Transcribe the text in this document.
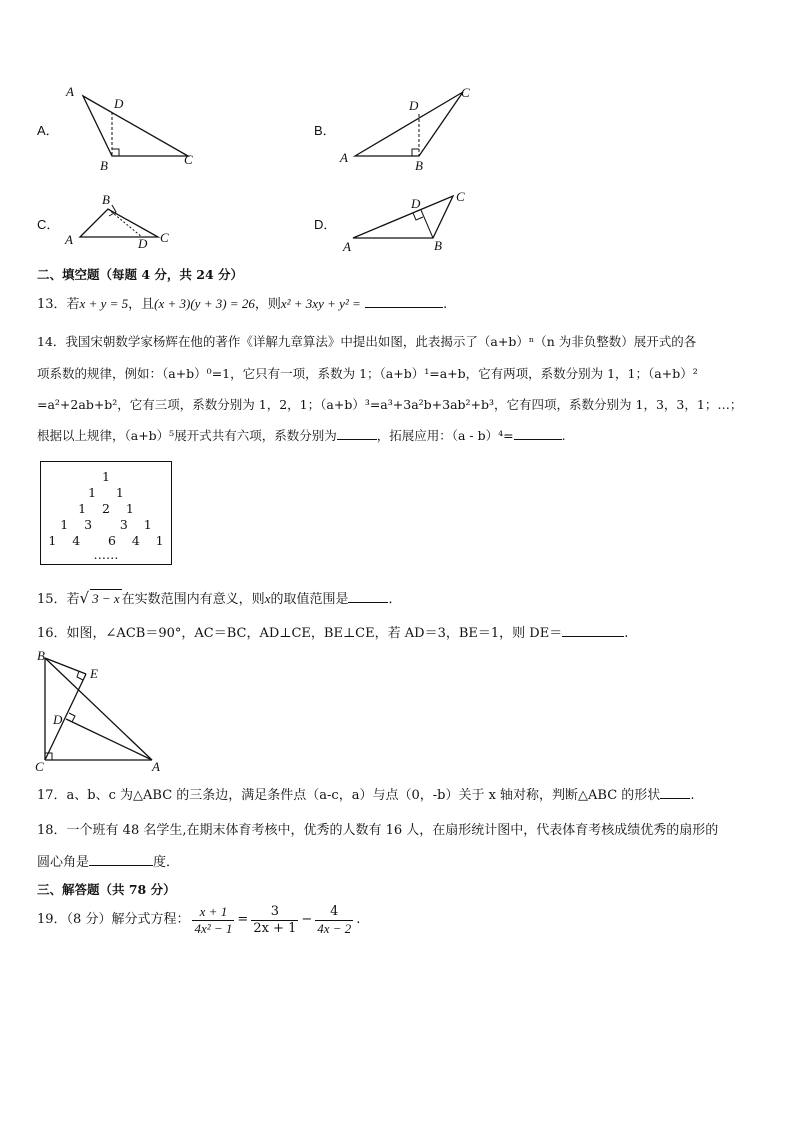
A．
A
D
B	C
B．
D
C
A
B
C．
B
A	D C
D．
D	C
A	B
二、填空题（每题 4 分，共 24 分）
13．若x + y = 5，且(x + 3)(y + 3) = 26，则x² + 3xy + y² =	.
14．我国宋朝数学家杨辉在他的著作《详解九章算法》中提出如图，此表揭示了（a+b）ⁿ（n 为非负整数）展开式的各
项系数的规律，例如：（a+b）⁰=1，它只有一项，系数为 1；（a+b）¹=a+b，它有两项，系数分别为 1，1；（a+b）²
=a²+2ab+b²，它有三项，系数分别为 1，2，1；（a+b）³=a³+3a²b+3ab²+b³，它有四项，系数分别为 1，3，3，1；…；
根据以上规律，（a+b）⁵展开式共有六项，系数分别为	，拓展应用：（a - b）⁴=	.
1
1     1
1    2    1
1    3       3    1
1    4       6    4    1
……
15．若√ 3 − x 在实数范围内有意义，则x的取值范围是	．
16．如图，∠ACB＝90°，AC＝BC，AD⊥CE，BE⊥CE，若 AD＝3，BE＝1，则 DE＝	.
B
E
D
C	A
17．a、b、c 为△ABC 的三条边，满足条件点（a-c，a）与点（0，-b）关于 x 轴对称，判断△ABC 的形状 .
18．一个班有 48 名学生,在期末体育考核中，优秀的人数有 16 人，在扇形统计图中，代表体育考核成绩优秀的扇形的
圆心角是	度．
三、解答题（共 78 分）
19．（8 分）解分式方程： $\frac{x + 1}{\text{4x² − 1}} = \frac{3}{2x + 1} - \frac{4}{4x - 2}$ .
